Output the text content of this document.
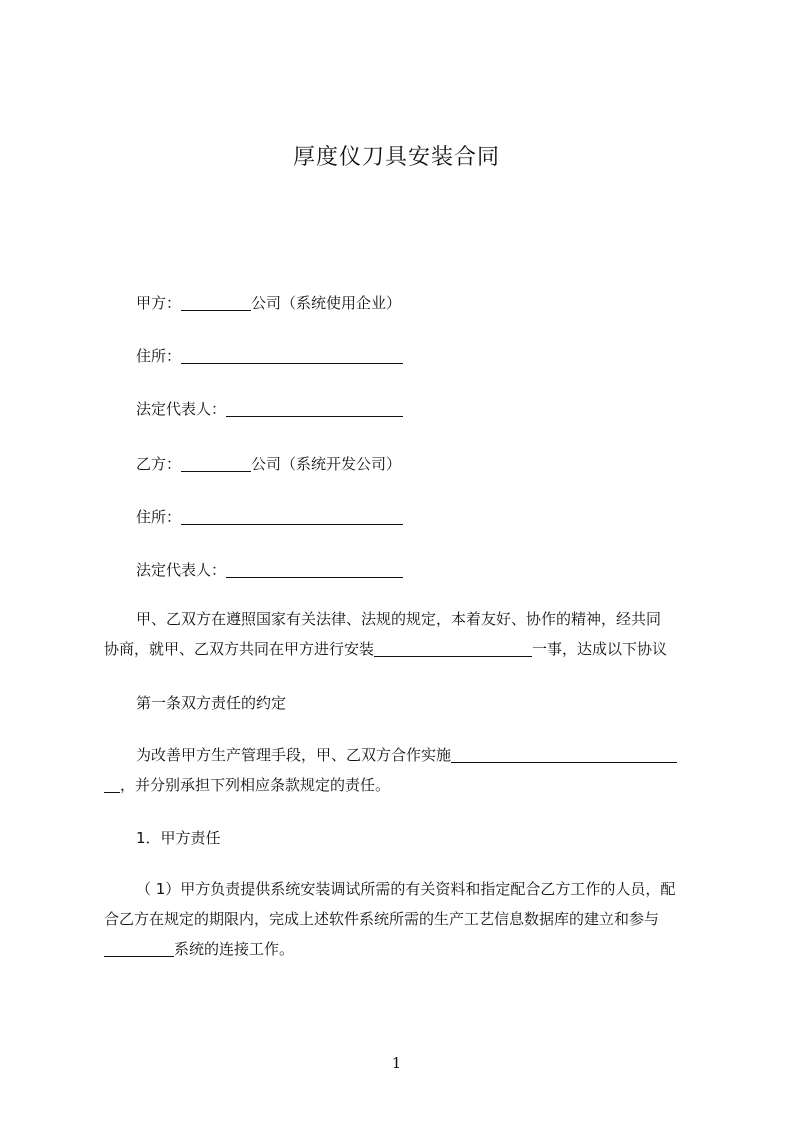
厚度仪刀具安装合同
甲方：	公司（系统使用企业）
住所：
法定代表人：
乙方：	公司（系统开发公司）
住所：
法定代表人：
甲、乙双方在遵照国家有关法律、法规的规定，本着友好、协作的精神，经共同
协商，就甲、乙双方共同在甲方进行安装	一事，达成以下协议
第一条双方责任的约定
为改善甲方生产管理手段，甲、乙双方合作实施
，并分别承担下列相应条款规定的责任。
1．甲方责任
（ 1）甲方负责提供系统安装调试所需的有关资料和指定配合乙方工作的人员，配
合乙方在规定的期限内，完成上述软件系统所需的生产工艺信息数据库的建立和参与
系统的连接工作。
1
